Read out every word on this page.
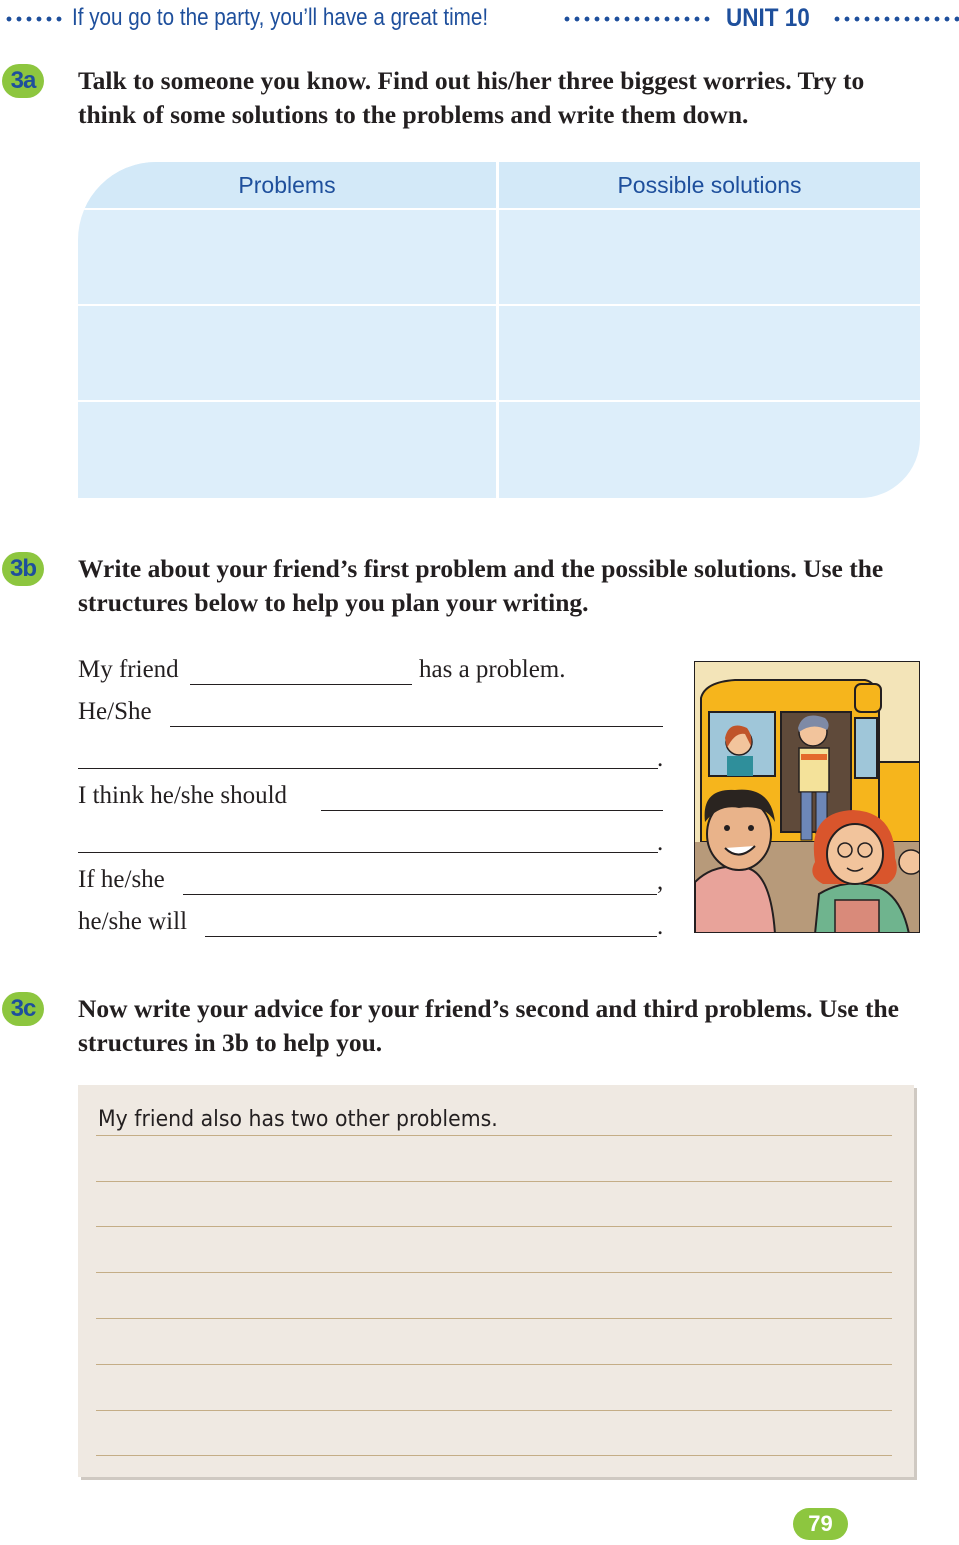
If you go to the party, you’ll have a great time!	UNIT 10
3a	Talk to someone you know. Find out his/her three biggest worries. Try to think of some solutions to the problems and write them down.
Problems	Possible solutions
3b	Write about your friend’s first problem and the possible solutions. Use the structures below to help you plan your writing.
My friend	has a problem.
He/She
.
I think he/she should
.
If he/she	,
he/she will	.
3c	Now write your advice for your friend’s second and third problems. Use the structures in 3b to help you.
My friend also has two other problems.
79
